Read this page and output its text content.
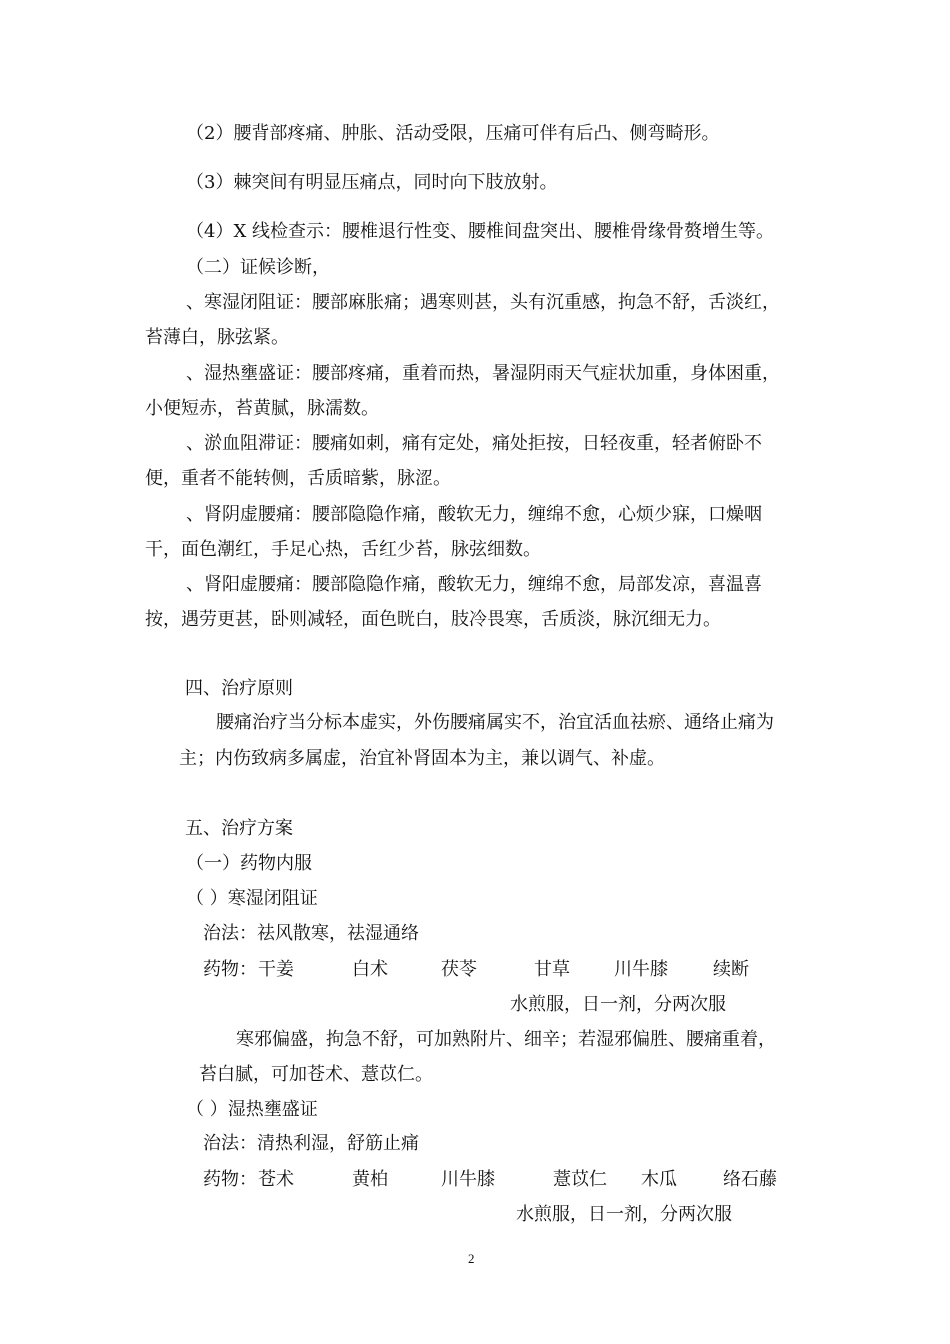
（2）腰背部疼痛、肿胀、活动受限，压痛可伴有后凸、侧弯畸形。
（3）棘突间有明显压痛点，同时向下肢放射。
（4）X 线检查示：腰椎退行性变、腰椎间盘突出、腰椎骨缘骨赘增生等。
（二）证候诊断，
、寒湿闭阻证：腰部麻胀痛；遇寒则甚，头有沉重感，拘急不舒，舌淡红，
苔薄白，脉弦紧。
、湿热壅盛证：腰部疼痛，重着而热，暑湿阴雨天气症状加重，身体困重，
小便短赤，苔黄腻，脉濡数。
、淤血阻滞证：腰痛如刺，痛有定处，痛处拒按，日轻夜重，轻者俯卧不
便，重者不能转侧，舌质暗紫，脉涩。
、肾阴虚腰痛：腰部隐隐作痛，酸软无力，缠绵不愈，心烦少寐，口燥咽
干，面色潮红，手足心热，舌红少苔，脉弦细数。
、肾阳虚腰痛：腰部隐隐作痛，酸软无力，缠绵不愈，局部发凉，喜温喜
按，遇劳更甚，卧则减轻，面色晄白，肢冷畏寒，舌质淡，脉沉细无力。
四、治疗原则
腰痛治疗当分标本虚实，外伤腰痛属实不，治宜活血祛瘀、通络止痛为
主；内伤致病多属虚，治宜补肾固本为主，兼以调气、补虚。
五、治疗方案
（一）药物内服
（ ）寒湿闭阻证
治法：祛风散寒，祛湿通络
药物： 干姜	白术	茯苓	甘草 川牛膝	续断
水煎服，日一剂，分两次服
寒邪偏盛，拘急不舒，可加熟附片、细辛；若湿邪偏胜、腰痛重着，
苔白腻，可加苍术、薏苡仁。
（ ）湿热壅盛证
治法：清热利湿，舒筋止痛
药物： 苍术	黄柏	川牛膝	薏苡仁 木瓜	络石藤
水煎服，日一剂，分两次服
2
